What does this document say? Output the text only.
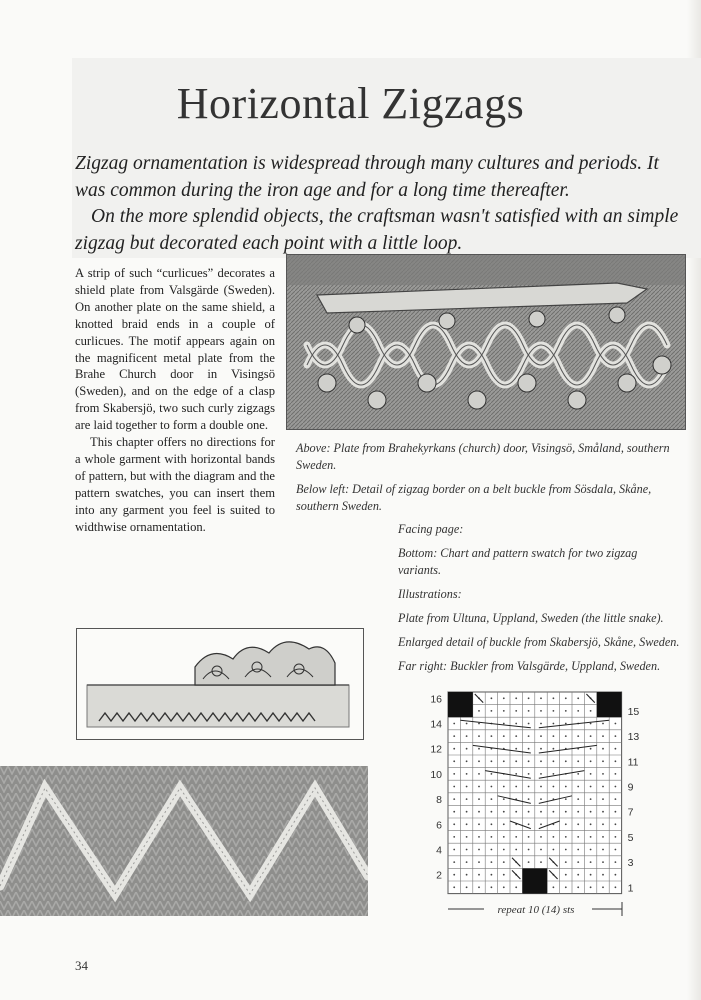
Horizontal Zigzags

Zigzag ornamentation is widespread through many cultures and periods. It was common during the iron age and for a long time thereafter.

On the more splendid objects, the craftsman wasn't satisfied with an simple zigzag but decorated each point with a little loop.

A strip of such “curlicues” decorates a shield plate from Valsgärde (Sweden). On another plate on the same shield, a knotted braid ends in a couple of curlicues. The motif appears again on the magnificent metal plate from the Brahe Church door in Visingsö (Sweden), and on the edge of a clasp from Skabersjö, two such curly zigzags are laid together to form a double one.

This chapter offers no directions for a whole garment with horizontal bands of pattern, but with the diagram and the pattern swatches, you can insert them into any garment you feel is suited to widthwise ornamentation.

Above: Plate from Brahekyrkans (church) door, Visingsö, Småland, southern Sweden.

Below left: Detail of zigzag border on a belt buckle from Sösdala, Skåne, southern Sweden.

Facing page:

Bottom: Chart and pattern swatch for two zigzag variants.

Illustrations:

Plate from Ultuna, Uppland, Sweden (the little snake).

Enlarged detail of buckle from Skabersjö, Skåne, Sweden.

Far right: Buckler from Valsgärde, Uppland, Sweden.

2
4
6
8
10
12
14
16
1
3
5
7
9
11
13
15
repeat 10 (14) sts
34
